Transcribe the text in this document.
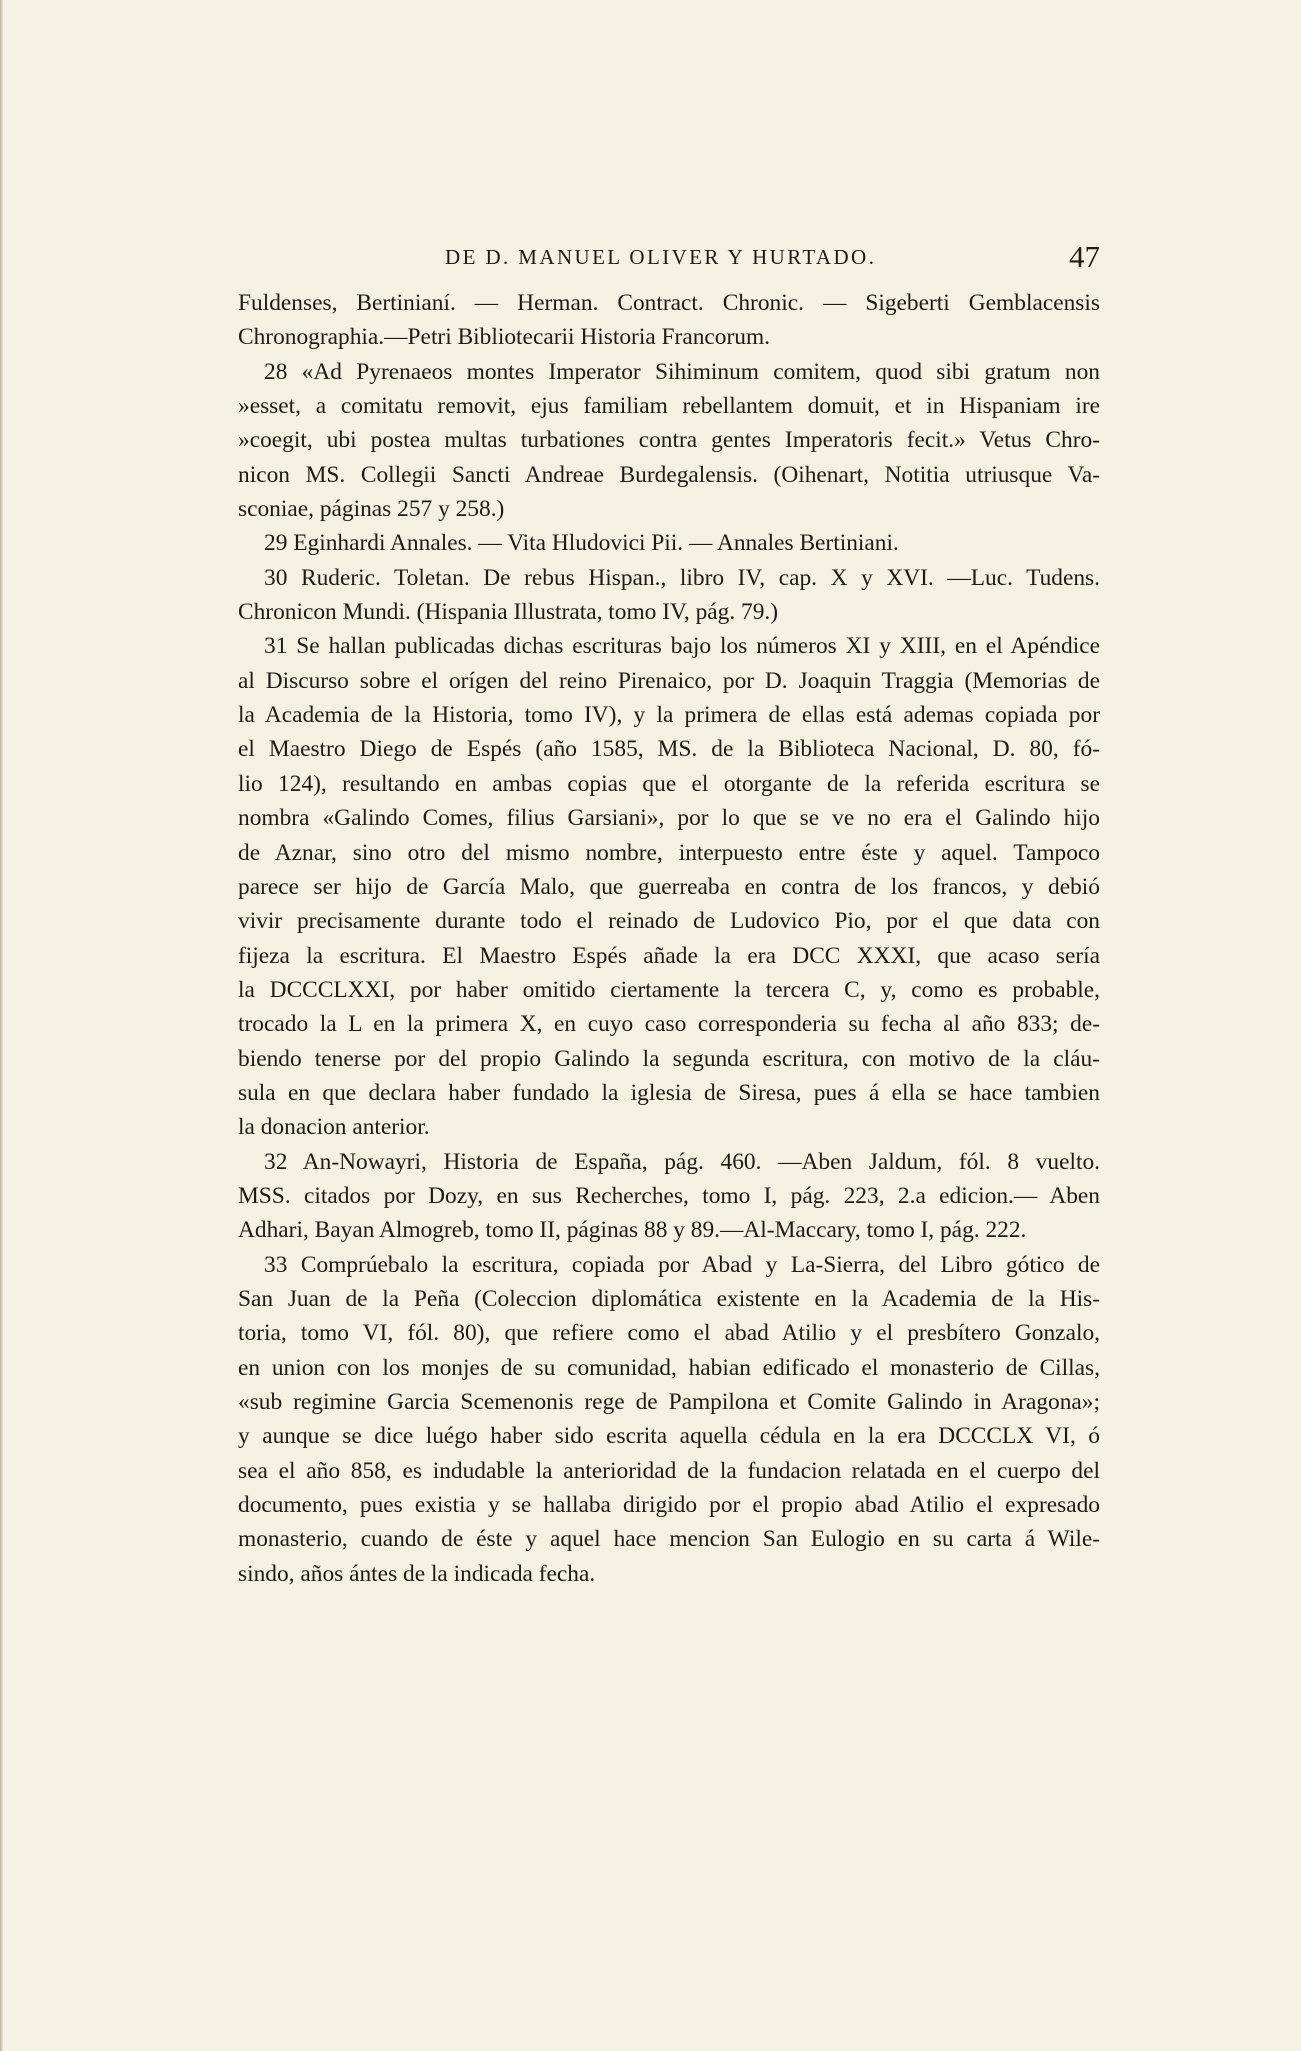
DE D. MANUEL OLIVER Y HURTADO.	47
Fuldenses, Bertinianí. — Herman. Contract. Chronic. — Sigeberti Gemblacensis
Chronographia.—Petri Bibliotecarii Historia Francorum.
28 «Ad Pyrenaeos montes Imperator Sihiminum comitem, quod sibi gratum non
»esset, a comitatu removit, ejus familiam rebellantem domuit, et in Hispaniam ire
»coegit, ubi postea multas turbationes contra gentes Imperatoris fecit.» Vetus Chro-
nicon MS. Collegii Sancti Andreae Burdegalensis. (Oihenart, Notitia utriusque Va-
sconiae, páginas 257 y 258.)
29 Eginhardi Annales. — Vita Hludovici Pii. — Annales Bertiniani.
30 Ruderic. Toletan. De rebus Hispan., libro IV, cap. X y XVI. —Luc. Tudens.
Chronicon Mundi. (Hispania Illustrata, tomo IV, pág. 79.)
31 Se hallan publicadas dichas escrituras bajo los números XI y XIII, en el Apéndice
al Discurso sobre el orígen del reino Pirenaico, por D. Joaquin Traggia (Memorias de
la Academia de la Historia, tomo IV), y la primera de ellas está ademas copiada por
el Maestro Diego de Espés (año 1585, MS. de la Biblioteca Nacional, D. 80, fó-
lio 124), resultando en ambas copias que el otorgante de la referida escritura se
nombra «Galindo Comes, filius Garsiani», por lo que se ve no era el Galindo hijo
de Aznar, sino otro del mismo nombre, interpuesto entre éste y aquel. Tampoco
parece ser hijo de García Malo, que guerreaba en contra de los francos, y debió
vivir precisamente durante todo el reinado de Ludovico Pio, por el que data con
fijeza la escritura. El Maestro Espés añade la era DCC XXXI, que acaso sería
la DCCCLXXI, por haber omitido ciertamente la tercera C, y, como es probable,
trocado la L en la primera X, en cuyo caso corresponderia su fecha al año 833; de-
biendo tenerse por del propio Galindo la segunda escritura, con motivo de la cláu-
sula en que declara haber fundado la iglesia de Siresa, pues á ella se hace tambien
la donacion anterior.
32 An-Nowayri, Historia de España, pág. 460. —Aben Jaldum, fól. 8 vuelto.
MSS. citados por Dozy, en sus Recherches, tomo I, pág. 223, 2.a edicion.— Aben
Adhari, Bayan Almogreb, tomo II, páginas 88 y 89.—Al-Maccary, tomo I, pág. 222.
33 Comprúebalo la escritura, copiada por Abad y La-Sierra, del Libro gótico de
San Juan de la Peña (Coleccion diplomática existente en la Academia de la His-
toria, tomo VI, fól. 80), que refiere como el abad Atilio y el presbítero Gonzalo,
en union con los monjes de su comunidad, habian edificado el monasterio de Cillas,
«sub regimine Garcia Scemenonis rege de Pampilona et Comite Galindo in Aragona»;
y aunque se dice luégo haber sido escrita aquella cédula en la era DCCCLX VI, ó
sea el año 858, es indudable la anterioridad de la fundacion relatada en el cuerpo del
documento, pues existia y se hallaba dirigido por el propio abad Atilio el expresado
monasterio, cuando de éste y aquel hace mencion San Eulogio en su carta á Wile-
sindo, años ántes de la indicada fecha.
